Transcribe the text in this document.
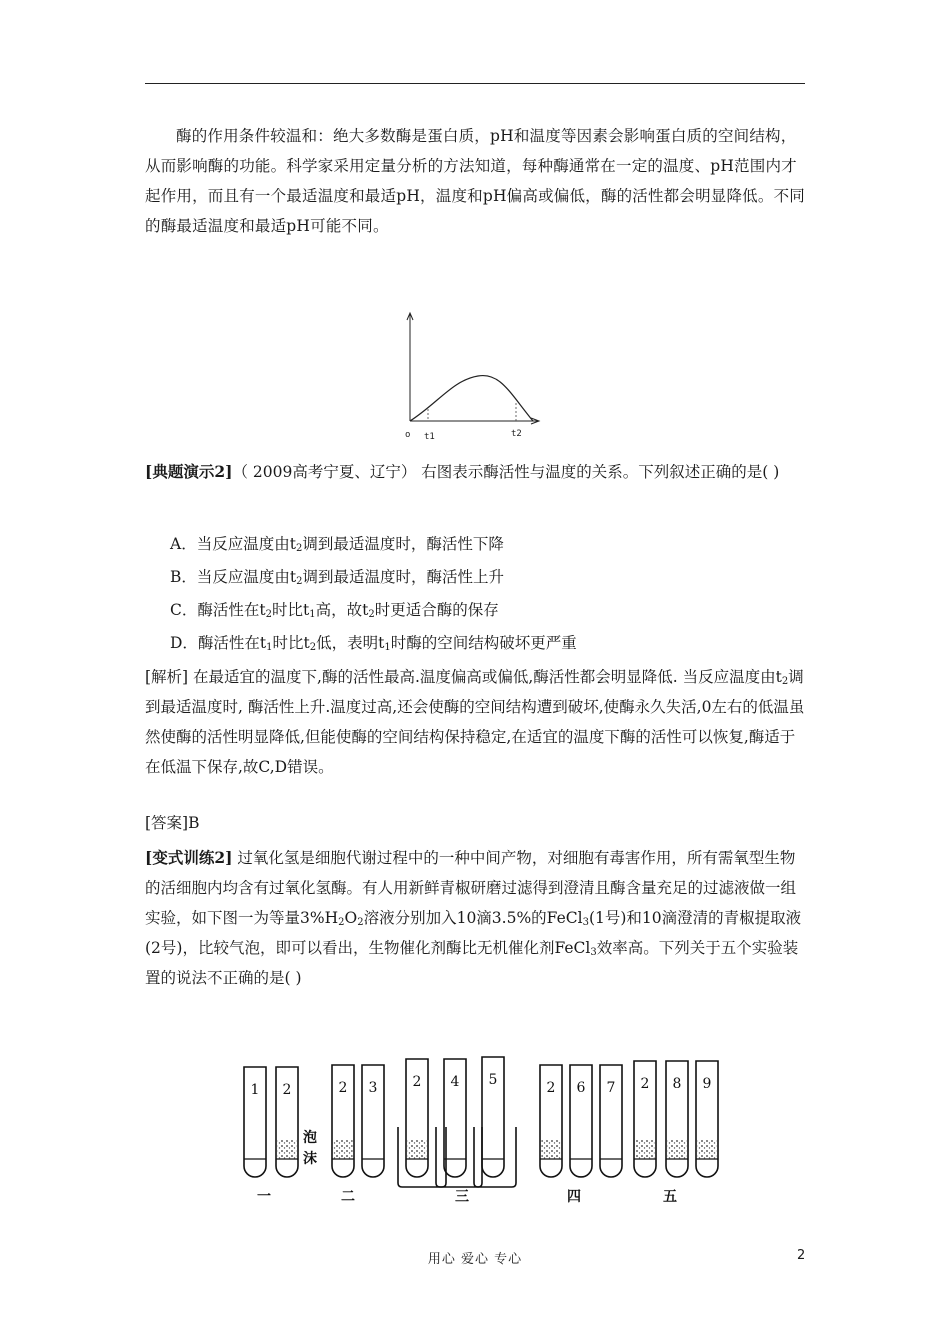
酶的作用条件较温和：绝大多数酶是蛋白质，pH和温度等因素会影响蛋白质的空间结构，从而影响酶的功能。科学家采用定量分析的方法知道，每种酶通常在一定的温度、pH范围内才起作用，而且有一个最适温度和最适pH，温度和pH偏高或偏低，酶的活性都会明显降低。不同的酶最适温度和最适pH可能不同。

o t1	t2

[典题演示2]（ 2009高考宁夏、辽宁） 右图表示酶活性与温度的关系。下列叙述正确的是( )

A．当反应温度由$t_2$调到最适温度时，酶活性下降

B．当反应温度由$t_2$调到最适温度时，酶活性上升

C．酶活性在$t_2$时比$t_1$高，故$t_2$时更适合酶的保存

D．酶活性在$t_1$时比$t_2$低，表明$t_1$时酶的空间结构破坏更严重

[解析] 在最适宜的温度下,酶的活性最高.温度偏高或偏低,酶活性都会明显降低. 当反应温度由$t_2$调到最适温度时, 酶活性上升.温度过高,还会使酶的空间结构遭到破坏,使酶永久失活,0左右的低温虽然使酶的活性明显降低,但能使酶的空间结构保持稳定,在适宜的温度下酶的活性可以恢复,酶适于在低温下保存,故C,D错误。

[答案]B

[变式训练2] 过氧化氢是细胞代谢过程中的一种中间产物，对细胞有毒害作用，所有需氧型生物的活细胞内均含有过氧化氢酶。有人用新鲜青椒研磨过滤得到澄清且酶含量充足的过滤液做一组实验，如下图一为等量$3\%H_2O_2$溶液分别加入10滴3.5%的FeCl$_3$(1号)和10滴澄清的青椒提取液(2号)，比较气泡，即可以看出，生物催化剂酶比无机催化剂FeCl$_3$效率高。下列关于五个实验装置的说法不正确的是( )

1 2	2 3	2 4 5	2 6 7 2 8 9
泡
沫
一	二	三	四	五
用心 爱心 专心	2
